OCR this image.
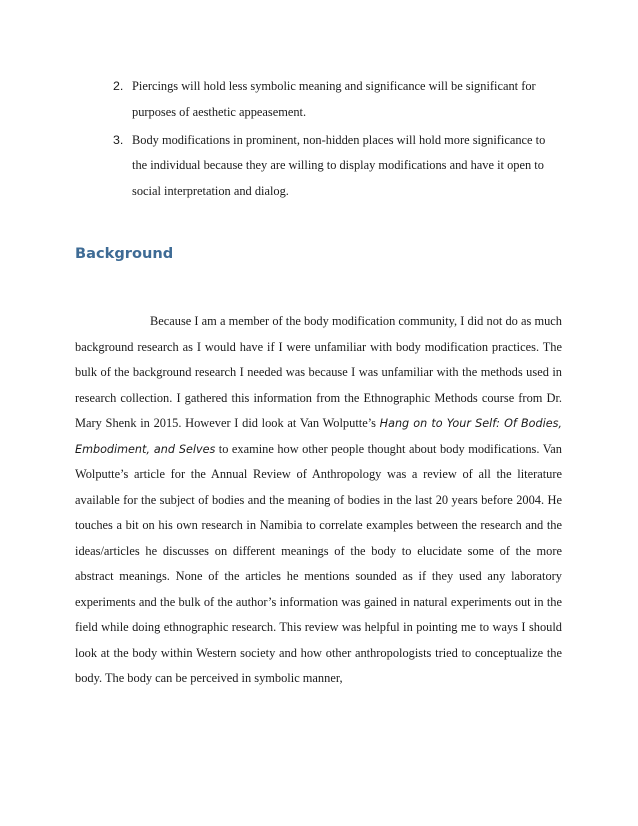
2. Piercings will hold less symbolic meaning and significance will be significant for purposes of aesthetic appeasement.
3. Body modifications in prominent, non-hidden places will hold more significance to the individual because they are willing to display modifications and have it open to social interpretation and dialog.
Background

Because I am a member of the body modification community, I did not do as much background research as I would have if I were unfamiliar with body modification practices. The bulk of the background research I needed was because I was unfamiliar with the methods used in research collection. I gathered this information from the Ethnographic Methods course from Dr. Mary Shenk in 2015. However I did look at Van Wolputte’s Hang on to Your Self: Of Bodies, Embodiment, and Selves to examine how other people thought about body modifications. Van Wolputte’s article for the Annual Review of Anthropology was a review of all the literature available for the subject of bodies and the meaning of bodies in the last 20 years before 2004. He touches a bit on his own research in Namibia to correlate examples between the research and the ideas/articles he discusses on different meanings of the body to elucidate some of the more abstract meanings. None of the articles he mentions sounded as if they used any laboratory experiments and the bulk of the author’s information was gained in natural experiments out in the field while doing ethnographic research. This review was helpful in pointing me to ways I should look at the body within Western society and how other anthropologists tried to conceptualize the body. The body can be perceived in symbolic manner,
